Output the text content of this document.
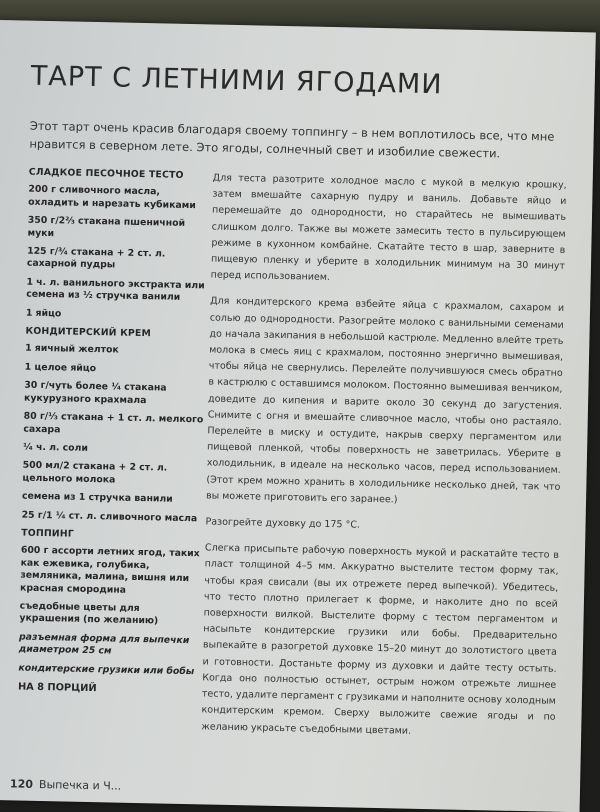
ТАРТ С ЛЕТНИМИ ЯГОДАМИ

Этот тарт очень красив благодаря своему топпингу – в нем воплотилось все, что мне нравится в северном лете. Это ягоды, солнечный свет и изобилие свежести.

СЛАДКОЕ ПЕСОЧНОЕ ТЕСТО
200 г сливочного масла, охладить и нарезать кубиками
350 г/2²⁄₃ стакана пшеничной муки
125 г/³⁄₄ стакана + 2 ст. л. сахарной пудры
1 ч. л. ванильного экстракта или семена из ¹⁄₂ стручка ванили
1 яйцо
КОНДИТЕРСКИЙ КРЕМ
1 яичный желток
1 целое яйцо
30 г/чуть более ¹⁄₄ стакана кукурузного крахмала
80 г/¹⁄₃ стакана + 1 ст. л. мелкого сахара
¹⁄₄ ч. л. соли
500 мл/2 стакана + 2 ст. л. цельного молока
семена из 1 стручка ванили
25 г/1 ¹⁄₄ ст. л. сливочного масла
ТОППИНГ
600 г ассорти летних ягод, таких как ежевика, голубика, земляника, малина, вишня или красная смородина
съедобные цветы для украшения (по желанию)
разъемная форма для выпечки диаметром 25 см
кондитерские грузики или бобы
НА 8 ПОРЦИЙ

Для теста разотрите холодное масло с мукой в мелкую крошку, затем вмешайте сахарную пудру и ваниль. Добавьте яйцо и перемешайте до однородности, но старайтесь не вымешивать слишком долго. Также вы можете замесить тесто в пульсирующем режиме в кухонном комбайне. Скатайте тесто в шар, заверните в пищевую пленку и уберите в холодильник минимум на 30 минут перед использованием.

Для кондитерского крема взбейте яйца с крахмалом, сахаром и солью до однородности. Разогрейте молоко с ванильными семенами до начала закипания в небольшой кастрюле. Медленно влейте треть молока в смесь яиц с крахмалом, постоянно энергично вымешивая, чтобы яйца не свернулись. Перелейте получившуюся смесь обратно в кастрюлю с оставшимся молоком. Постоянно вымешивая венчиком, доведите до кипения и варите около 30 секунд до загустения. Снимите с огня и вмешайте сливочное масло, чтобы оно растаяло. Перелейте в миску и остудите, накрыв сверху пергаментом или пищевой пленкой, чтобы поверхность не заветрилась. Уберите в холодильник, в идеале на несколько часов, перед использованием. (Этот крем можно хранить в холодильнике несколько дней, так что вы можете приготовить его заранее.)

Разогрейте духовку до 175 °С.

Слегка присыпьте рабочую поверхность мукой и раскатайте тесто в пласт толщиной 4–5 мм. Аккуратно выстелите тестом форму так, чтобы края свисали (вы их отрежете перед выпечкой). Убедитесь, что тесто плотно прилегает к форме, и наколите дно по всей поверхности вилкой. Выстелите форму с тестом пергаментом и насыпьте кондитерские грузики или бобы. Предварительно выпекайте в разогретой духовке 15–20 минут до золотистого цвета и готовности. Достаньте форму из духовки и дайте тесту остыть. Когда оно полностью остынет, острым ножом отрежьте лишнее тесто, удалите пергамент с грузиками и наполните основу холодным кондитерским кремом. Сверху выложите свежие ягоды и по желанию украсьте съедобными цветами.

120 Выпечка и Ч...
